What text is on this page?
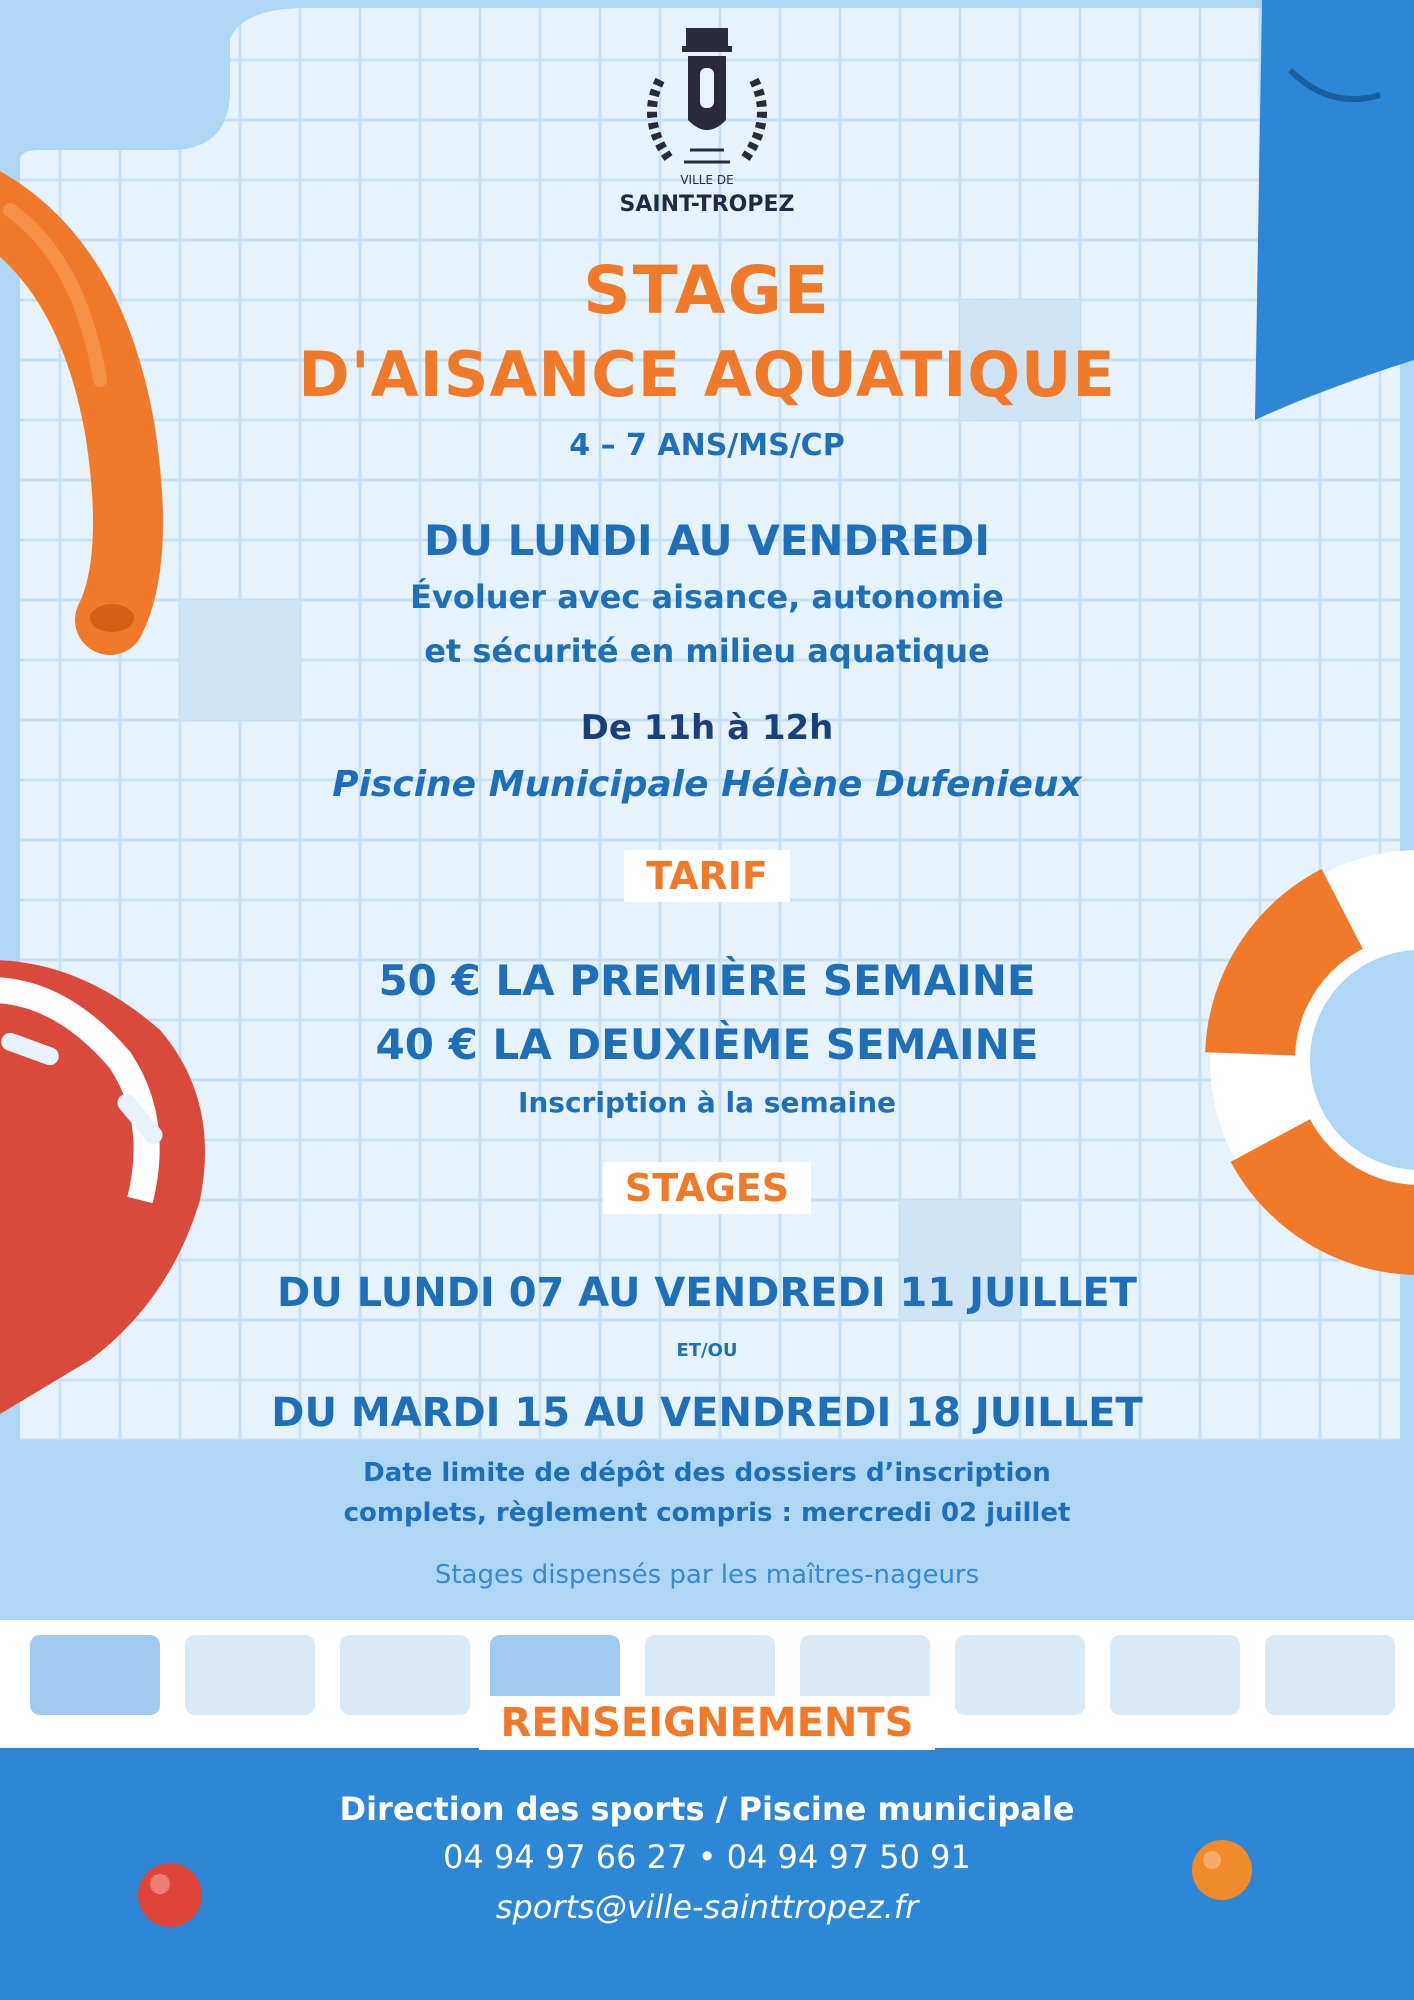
VILLE DE
SAINT-TROPEZ
STAGE
D'AISANCE AQUATIQUE
4 – 7 ANS/MS/CP
DU LUNDI AU VENDREDI
Évoluer avec aisance, autonomie
et sécurité en milieu aquatique
De 11h à 12h
Piscine Municipale Hélène Dufenieux
TARIF
50 € LA PREMIÈRE SEMAINE
40 € LA DEUXIÈME SEMAINE
Inscription à la semaine
STAGES
DU LUNDI 07 AU VENDREDI 11 JUILLET
ET/OU
DU MARDI 15 AU VENDREDI 18 JUILLET
Date limite de dépôt des dossiers d’inscription
complets, règlement compris : mercredi 02 juillet
Stages dispensés par les maîtres-nageurs
RENSEIGNEMENTS
Direction des sports / Piscine municipale
04 94 97 66 27 • 04 94 97 50 91
sports@ville-sainttropez.fr
